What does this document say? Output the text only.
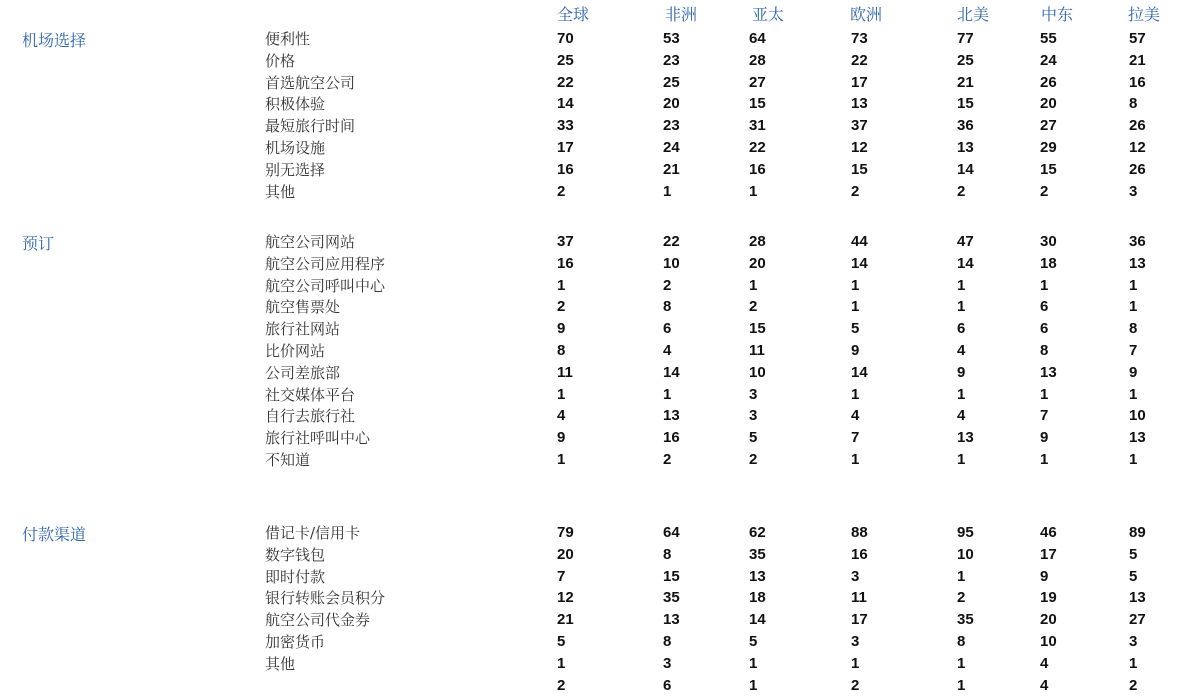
全球	非洲	亚太	欧洲	北美	中东	拉美
机场选择	便利性	70	53	64	73	77	55	57
价格	25	23	28	22	25	24	21
首选航空公司	22	25	27	17	21	26	16
积极体验	14	20	15	13	15	20	8
最短旅行时间	33	23	31	37	36	27	26
机场设施	17	24	22	12	13	29	12
别无选择	16	21	16	15	14	15	26
其他	2	1	1	2	2	2	3
预订	航空公司网站	37	22	28	44	47	30	36
航空公司应用程序	16	10	20	14	14	18	13
航空公司呼叫中心	1	2	1	1	1	1	1
航空售票处	2	8	2	1	1	6	1
旅行社网站	9	6	15	5	6	6	8
比价网站	8	4	11	9	4	8	7
公司差旅部	11	14	10	14	9	13	9
社交媒体平台	1	1	3	1	1	1	1
自行去旅行社	4	13	3	4	4	7	10
旅行社呼叫中心	9	16	5	7	13	9	13
不知道	1	2	2	1	1	1	1
付款渠道	借记卡/信用卡	79	64	62	88	95	46	89
数字钱包	20	8	35	16	10	17	5
即时付款	7	15	13	3	1	9	5
银行转账会员积分	12	35	18	11	2	19	13
航空公司代金券	21	13	14	17	35	20	27
加密货币	5	8	5	3	8	10	3
其他	1	3	1	1	1	4	1
2	6	1	2	1	4	2
